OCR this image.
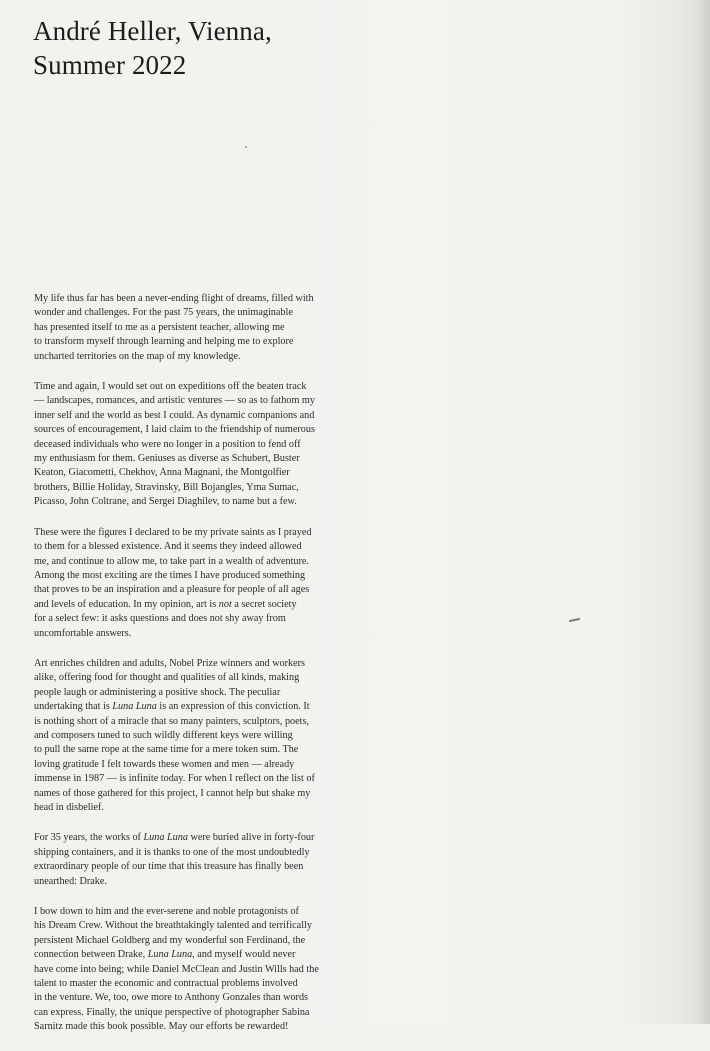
André Heller, Vienna,
Summer 2022

My life thus far has been a never-ending flight of dreams, filled with
wonder and challenges. For the past 75 years, the unimaginable
has presented itself to me as a persistent teacher, allowing me
to transform myself through learning and helping me to explore
uncharted territories on the map of my knowledge.

Time and again, I would set out on expeditions off the beaten track
— landscapes, romances, and artistic ventures — so as to fathom my
inner self and the world as best I could. As dynamic companions and
sources of encouragement, I laid claim to the friendship of numerous
deceased individuals who were no longer in a position to fend off
my enthusiasm for them. Geniuses as diverse as Schubert, Buster
Keaton, Giacometti, Chekhov, Anna Magnani, the Montgolfier
brothers, Billie Holiday, Stravinsky, Bill Bojangles, Yma Sumac,
Picasso, John Coltrane, and Sergei Diaghilev, to name but a few.

These were the figures I declared to be my private saints as I prayed
to them for a blessed existence. And it seems they indeed allowed
me, and continue to allow me, to take part in a wealth of adventure.
Among the most exciting are the times I have produced something
that proves to be an inspiration and a pleasure for people of all ages
and levels of education. In my opinion, art is not a secret society
for a select few: it asks questions and does not shy away from
uncomfortable answers.

Art enriches children and adults, Nobel Prize winners and workers
alike, offering food for thought and qualities of all kinds, making
people laugh or administering a positive shock. The peculiar
undertaking that is Luna Luna is an expression of this conviction. It
is nothing short of a miracle that so many painters, sculptors, poets,
and composers tuned to such wildly different keys were willing
to pull the same rope at the same time for a mere token sum. The
loving gratitude I felt towards these women and men — already
immense in 1987 — is infinite today. For when I reflect on the list of
names of those gathered for this project, I cannot help but shake my
head in disbelief.

For 35 years, the works of Luna Luna were buried alive in forty-four
shipping containers, and it is thanks to one of the most undoubtedly
extraordinary people of our time that this treasure has finally been
unearthed: Drake.

I bow down to him and the ever-serene and noble protagonists of
his Dream Crew. Without the breathtakingly talented and terrifically
persistent Michael Goldberg and my wonderful son Ferdinand, the
connection between Drake, Luna Luna, and myself would never
have come into being; while Daniel McClean and Justin Wills had the
talent to master the economic and contractual problems involved
in the venture. We, too, owe more to Anthony Gonzales than words
can express. Finally, the unique perspective of photographer Sabina
Sarnitz made this book possible. May our efforts be rewarded!
